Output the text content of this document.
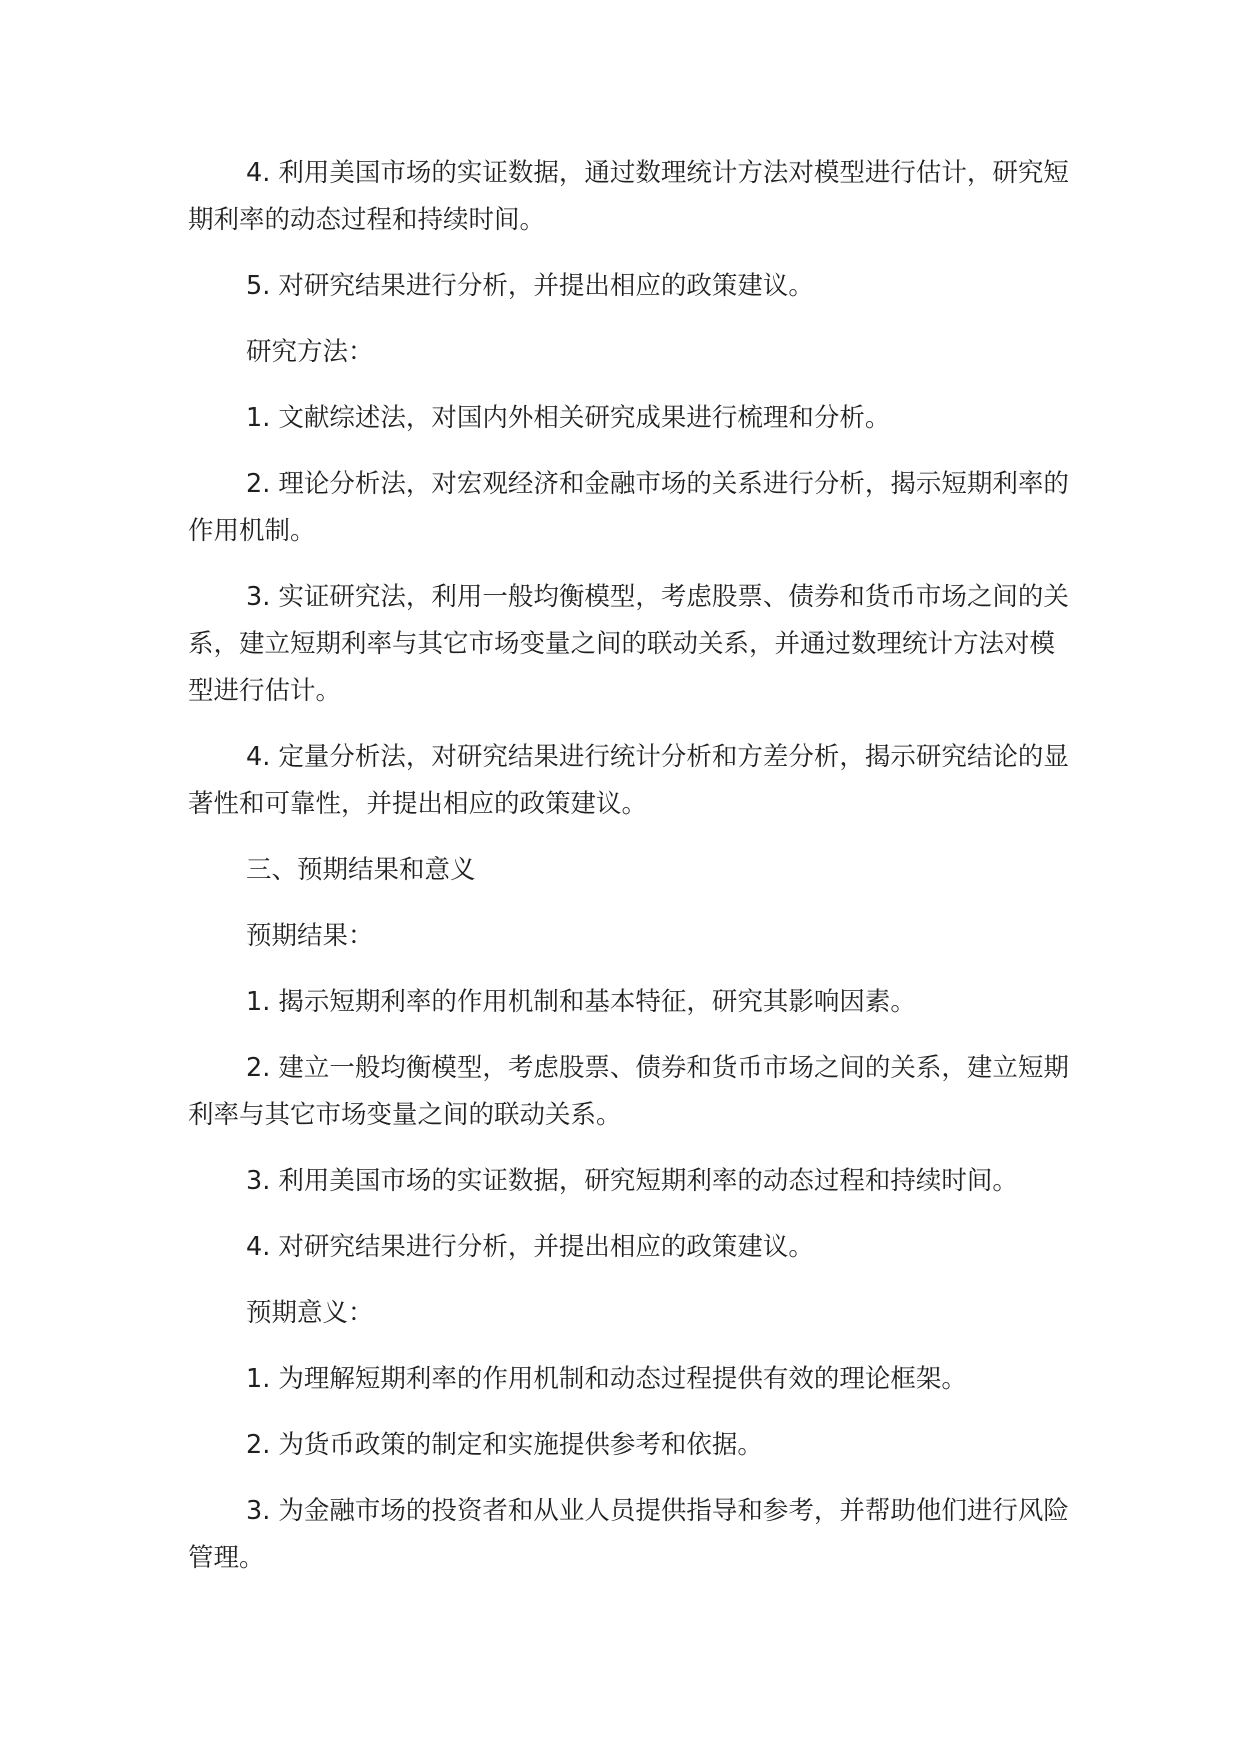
4. 利用美国市场的实证数据，通过数理统计方法对模型进行估计，研究短期利率的动态过程和持续时间。

5. 对研究结果进行分析，并提出相应的政策建议。

研究方法：

1. 文献综述法，对国内外相关研究成果进行梳理和分析。

2. 理论分析法，对宏观经济和金融市场的关系进行分析，揭示短期利率的作用机制。

3. 实证研究法，利用一般均衡模型，考虑股票、债券和货币市场之间的关系，建立短期利率与其它市场变量之间的联动关系，并通过数理统计方法对模型进行估计。

4. 定量分析法，对研究结果进行统计分析和方差分析，揭示研究结论的显著性和可靠性，并提出相应的政策建议。

三、预期结果和意义

预期结果：

1. 揭示短期利率的作用机制和基本特征，研究其影响因素。

2. 建立一般均衡模型，考虑股票、债券和货币市场之间的关系，建立短期利率与其它市场变量之间的联动关系。

3. 利用美国市场的实证数据，研究短期利率的动态过程和持续时间。

4. 对研究结果进行分析，并提出相应的政策建议。

预期意义：

1. 为理解短期利率的作用机制和动态过程提供有效的理论框架。

2. 为货币政策的制定和实施提供参考和依据。

3. 为金融市场的投资者和从业人员提供指导和参考，并帮助他们进行风险管理。
